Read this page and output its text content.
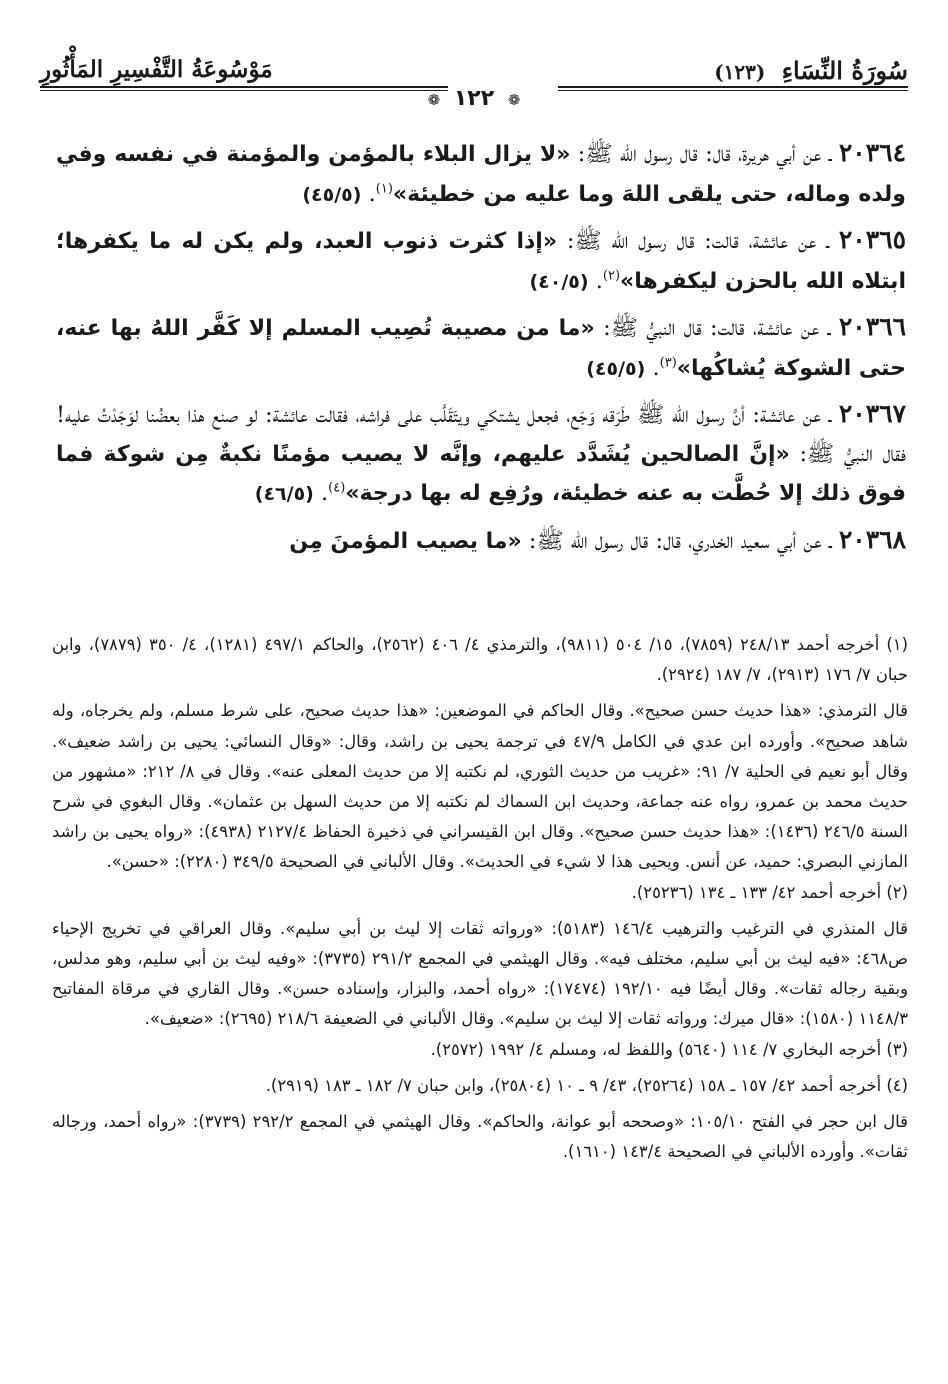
سُورَةُ النِّسَاءِ (١٢٣)
مَوْسُوعَةُ التَّفْسِيرِ المَأْثُورِ
❁ ١٢٢ ❁

٢٠٣٦٤ ـ عن أبي هريرة، قال: قال رسول الله ﷺ: «لا يزال البلاء بالمؤمن والمؤمنة في نفسه وفي ولده وماله، حتى يلقى اللهَ وما عليه من خطيئة»$^{(١)}$. (٤٥/٥)

٢٠٣٦٥ ـ عن عائشة، قالت: قال رسول الله ﷺ: «إذا كثرت ذنوب العبد، ولم يكن له ما يكفرها؛ ابتلاه الله بالحزن ليكفرها»$^{(٢)}$. (٤٠/٥)

٢٠٣٦٦ ـ عن عائشة، قالت: قال النبيُّ ﷺ: «ما من مصيبة تُصِيب المسلم إلا كَفَّر اللهُ بها عنه، حتى الشوكة يُشاكُها»$^{(٣)}$. (٤٥/٥)

٢٠٣٦٧ ـ عن عائشة: أنَّ رسول الله ﷺ طَرَقه وَجَع، فجعل يشتكي ويتَقَلَّب على فراشه، فقالت عائشة: لو صنع هذا بعضُنا لوَجَدْتُ عليه! فقال النبيُّ ﷺ: «إنَّ الصالحين يُشَدَّد عليهم، وإنَّه لا يصيب مؤمنًا نكبةٌ مِن شوكة فما فوق ذلك إلا حُطَّت به عنه خطيئة، ورُفِع له بها درجة»$^{(٤)}$. (٤٦/٥)

٢٠٣٦٨ ـ عن أبي سعيد الخدري، قال: قال رسول الله ﷺ: «ما يصيب المؤمنَ مِن

(١) أخرجه أحمد ٢٤٨/١٣ (٧٨٥٩)، ١٥/ ٥٠٤ (٩٨١١)، والترمذي ٤/ ٤٠٦ (٢٥٦٢)، والحاكم ٤٩٧/١ (١٢٨١)، ٤/ ٣٥٠ (٧٨٧٩)، وابن حبان ٧/ ١٧٦ (٢٩١٣)، ٧/ ١٨٧ (٢٩٢٤).

قال الترمذي: «هذا حديث حسن صحيح». وقال الحاكم في الموضعين: «هذا حديث صحيح، على شرط مسلم، ولم يخرجاه، وله شاهد صحيح». وأورده ابن عدي في الكامل ٤٧/٩ في ترجمة يحيى بن راشد، وقال: «وقال النسائي: يحيى بن راشد ضعيف». وقال أبو نعيم في الحلية ٧/ ٩١: «غريب من حديث الثوري، لم نكتبه إلا من حديث المعلى عنه». وقال في ٨/ ٢١٢: «مشهور من حديث محمد بن عمرو، رواه عنه جماعة، وحديث ابن السماك لم نكتبه إلا من حديث السهل بن عثمان». وقال البغوي في شرح السنة ٢٤٦/٥ (١٤٣٦): «هذا حديث حسن صحيح». وقال ابن القيسراني في ذخيرة الحفاظ ٢١٢٧/٤ (٤٩٣٨): «رواه يحيى بن راشد المازني البصري: حميد، عن أنس. ويحيى هذا لا شيء في الحديث». وقال الألباني في الصحيحة ٣٤٩/٥ (٢٢٨٠): «حسن».

(٢) أخرجه أحمد ٤٢/ ١٣٣ ـ ١٣٤ (٢٥٢٣٦).

قال المنذري في الترغيب والترهيب ١٤٦/٤ (٥١٨٣): «ورواته ثقات إلا ليث بن أبي سليم». وقال العراقي في تخريج الإحياء ص٤٦٨: «فيه ليث بن أبي سليم، مختلف فيه». وقال الهيثمي في المجمع ٢٩١/٢ (٣٧٣٥): «وفيه ليث بن أبي سليم، وهو مدلس، وبقية رجاله ثقات». وقال أيضًا فيه ١٩٢/١٠ (١٧٤٧٤): «رواه أحمد، والبزار، وإسناده حسن». وقال القاري في مرقاة المفاتيح ١١٤٨/٣ (١٥٨٠): «قال ميرك: ورواته ثقات إلا ليث بن سليم». وقال الألباني في الضعيفة ٢١٨/٦ (٢٦٩٥): «ضعيف».

(٣) أخرجه البخاري ٧/ ١١٤ (٥٦٤٠) واللفظ له، ومسلم ٤/ ١٩٩٢ (٢٥٧٢).

(٤) أخرجه أحمد ٤٢/ ١٥٧ ـ ١٥٨ (٢٥٢٦٤)، ٤٣/ ٩ ـ ١٠ (٢٥٨٠٤)، وابن حبان ٧/ ١٨٢ ـ ١٨٣ (٢٩١٩).

قال ابن حجر في الفتح ١٠٥/١٠: «وصححه أبو عوانة، والحاكم». وقال الهيثمي في المجمع ٢٩٢/٢ (٣٧٣٩): «رواه أحمد، ورجاله ثقات». وأورده الألباني في الصحيحة ١٤٣/٤ (١٦١٠).
